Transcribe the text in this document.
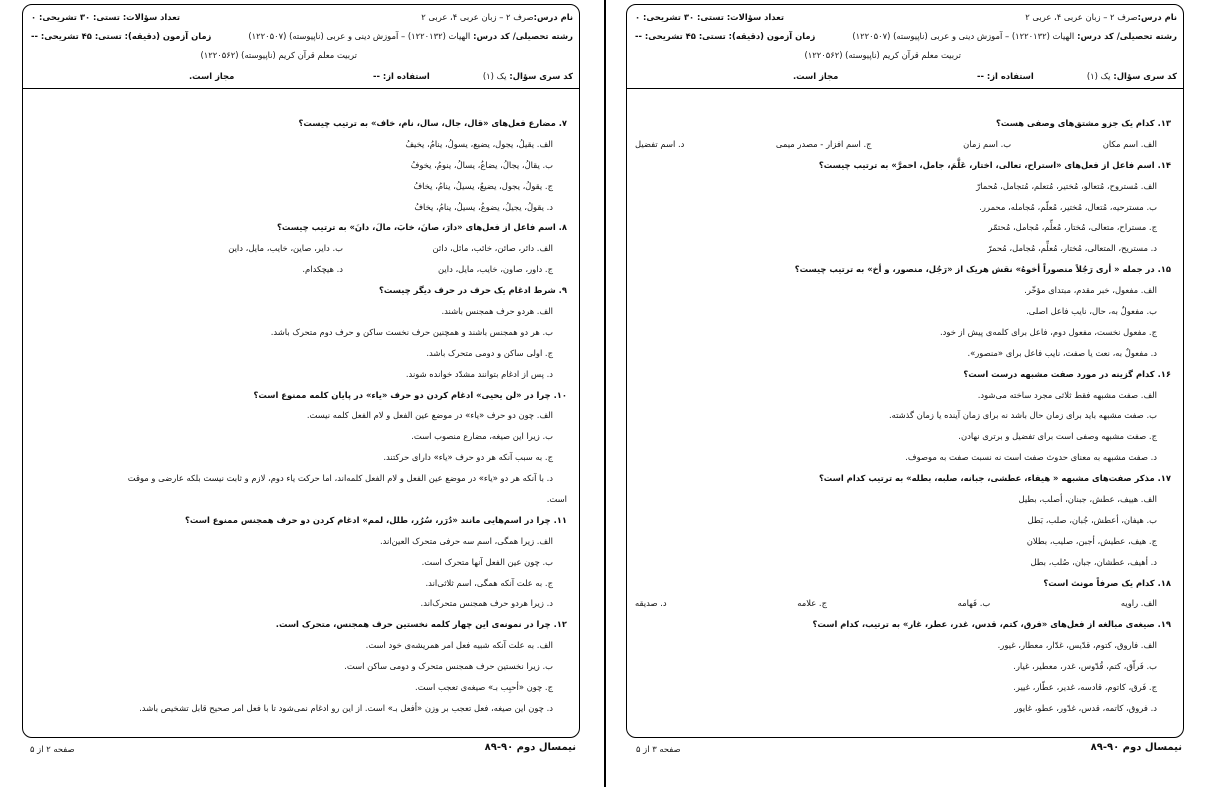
نام درس:صرف ۲ – زبان عربی ۴، عربی ۲
رشته تحصیلی/ کد درس: الهیات (۱۲۲۰۱۳۲) – آموزش دینی و عربی (ناپیوسته) (۱۲۲۰۵۰۷)
تربیت معلم قرآن کریم (ناپیوسته) (۱۲۲۰۵۶۲)
کد سری سؤال: یک (۱)
تعداد سؤالات: تستی: ۳۰ تشریحی: ۰
زمان آزمون (دقیقه): تستی: ۴۵ تشریحی: --
مجاز است.	استفاده از: --
۷. مضارع فعل‌های «قال، جال، سال، نام، خاف» به ترتیب چیست؟
الف. یقیلُ، یجول، یضیع، یسولُ، ینامُ، یخیفُ
ب. یقالُ، یجالُ، یضاعُ، یسالُ، ینومُ، یخوفُ
ج. یقولُ، یجول، یضیعُ، یسیلُ، ینامُ، یخافُ
د. یقولُ، یجیلُ، یضوعُ، یسیلُ، ینامُ، یخافُ
۸. اسم فاعل از فعل‌های «دارَ، صانَ، خابَ، مالَ، دانَ» به ترتیب چیست؟
الف. دائر، صائن، خائب، مائل، دائن
ب. دایر، صاین، خایب، مایل، داین
ج. داور، صاون، خایب، مایل، داین
د. هیچکدام.
۹. شرط ادغام یک حرف در حرف دیگر چیست؟
الف. هردو حرف همجنس باشند.
ب. هر دو همجنس باشند و همچنین حرف نخست ساکن و حرف دوم متحرک باشد.
ج. اولی ساکن و دومی متحرک باشد.
د. پس از ادغام بتوانند مشدّد خوانده شوند.
۱۰. چرا در «لن یحیی» ادغام کردن دو حرف «یاء» در پایان کلمه ممنوع است؟
الف. چون دو حرف «یاء» در موضع عین الفعل و لام الفعل کلمه نیست.
ب. زیرا این صیغه، مضارع منصوب است.
ج. به سبب آنکه هر دو حرف «یاء» دارای حرکتند.
د. با آنکه هر دو «یاء» در موضع عین الفعل و لام الفعل کلمه‌اند، اما حرکت یاء دوم، لازم و ثابت نیست بلکه عارضی و موقت
است.
۱۱. چرا در اسم‌هایی مانند «دُرَر، سُرُر، طلل، لمم» ادغام کردن دو حرف همجنس ممنوع است؟
الف. زیرا همگی، اسم سه حرفی متحرک العین‌اند.
ب. چون عین الفعل آنها متحرک است.
ج. به علت آنکه همگی، اسم ثلاثی‌اند.
د. زیرا هردو حرف همجنس متحرک‌اند.
۱۲. چرا در نمونه‌ی این چهار کلمه نخستین حرف همجنس، متحرک است.
الف. به علت آنکه شبیه فعل امر همریشه‌ی خود است.
ب. زیرا نخستین حرف همجنس متحرک و دومی ساکن است.
ج. چون «أحبِب بـ» صیغه‌ی تعجب است.
د. چون این صیغه، فعل تعجب بر وزن «أفعل بـ» است. از این رو ادغام نمی‌شود تا با فعل امر صحیح قابل تشخیص باشد.
نیمسال دوم ۹۰-۸۹
صفحه ۲ از ۵
نام درس:صرف ۲ – زبان عربی ۴، عربی ۲
رشته تحصیلی/ کد درس: الهیات (۱۲۲۰۱۳۲) – آموزش دینی و عربی (ناپیوسته) (۱۲۲۰۵۰۷)
تربیت معلم قرآن کریم (ناپیوسته) (۱۲۲۰۵۶۲)
کد سری سؤال: یک (۱)
تعداد سؤالات: تستی: ۳۰ تشریحی: ۰
زمان آزمون (دقیقه): تستی: ۴۵ تشریحی: --
مجاز است.	استفاده از: --
۱۳. کدام یک جزو مشتق‌های وصفی هست؟
الف. اسم مکان
ب. اسم زمان
ج. اسم افزار - مصدر میمی
د. اسم تفضیل
۱۴. اسم فاعل از فعل‌های «استراح، تعالی، اختار، عَلَّمَ، جامل، احمرَّ» به ترتیب چیست؟
الف. مُستروح، مُتعالو، مُختیر، مُتعلم، مُتجامل، مُحمارّ
ب. مسترحیه، مُتعال، مُختیر، مُعلّم، مُجامله، محمرر.
ج. مستراح، متعالی، مُختار، مُعلِّم، مُجامل، مُحتمّر
د. مستریح، المتعالی، مُختار، مُعلِّم، مُجامل، مُحمرّ
۱۵. در جمله « أری رَجُلاً منصوراً أخوهُ» نقش هریک از «رَجُل، منصور، و أخ» به ترتیب چیست؟
الف. مفعول، خبر مقدم، مبتدای مؤخّر.
ب. مفعولٌ به، حال، نایب فاعل اصلی.
ج. مفعول نخست، مفعول دوم، فاعل برای کلمه‌ی پیش از خود.
د. مفعولٌ به، نعت یا صفت، نایب فاعل برای «منصور».
۱۶. کدام گزینه در مورد صفت مشبهه درست است؟
الف. صفت مشبهه فقط ثلاثی مجرد ساخته می‌شود.
ب. صفت مشبهه باید برای زمان حال باشد نه برای زمان آینده یا زمان گذشته.
ج. صفت مشبهه وصفی است برای تفضیل و برتری نهادن.
د. صفت مشبهه به معنای حدوث صفت است نه نسبت صفت به موصوف.
۱۷. مذکر صفت‌های مشبهه « هیفاء، عطشی، جبانه، صلبه، بطله» به ترتیب کدام است؟
الف. هییف، عطش، جبنان، أصلب، بطیل
ب. هیفان، أعطش، جُبان، صلب، بَطل
ج. هیف، عطیش، أجبن، صلیب، بطلان
د. أهیف، عطشان، جبان، صُلب، بطل
۱۸. کدام یک صرفاً مونث است؟
الف. راویه
ب. فَهامه
ج. علامه
د. صدیقه
۱۹. صیغه‌ی مبالغه از فعل‌های «فرق، کتم، قدس، غدر، عطر، غار» به ترتیب، کدام است؟
الف. فاروق، کتوم، قدّیس، غدّار، معطار، غیور.
ب. فَراّق، کتم، قُدّوس، غدر، معطیر، غیار.
ج. فَرق، کاتوم، قادسه، غدیر، عطّار، غییر.
د. فروق، کاتمه، قدس، غدّور، عطو، غایور
نیمسال دوم ۹۰-۸۹
صفحه ۳ از ۵
